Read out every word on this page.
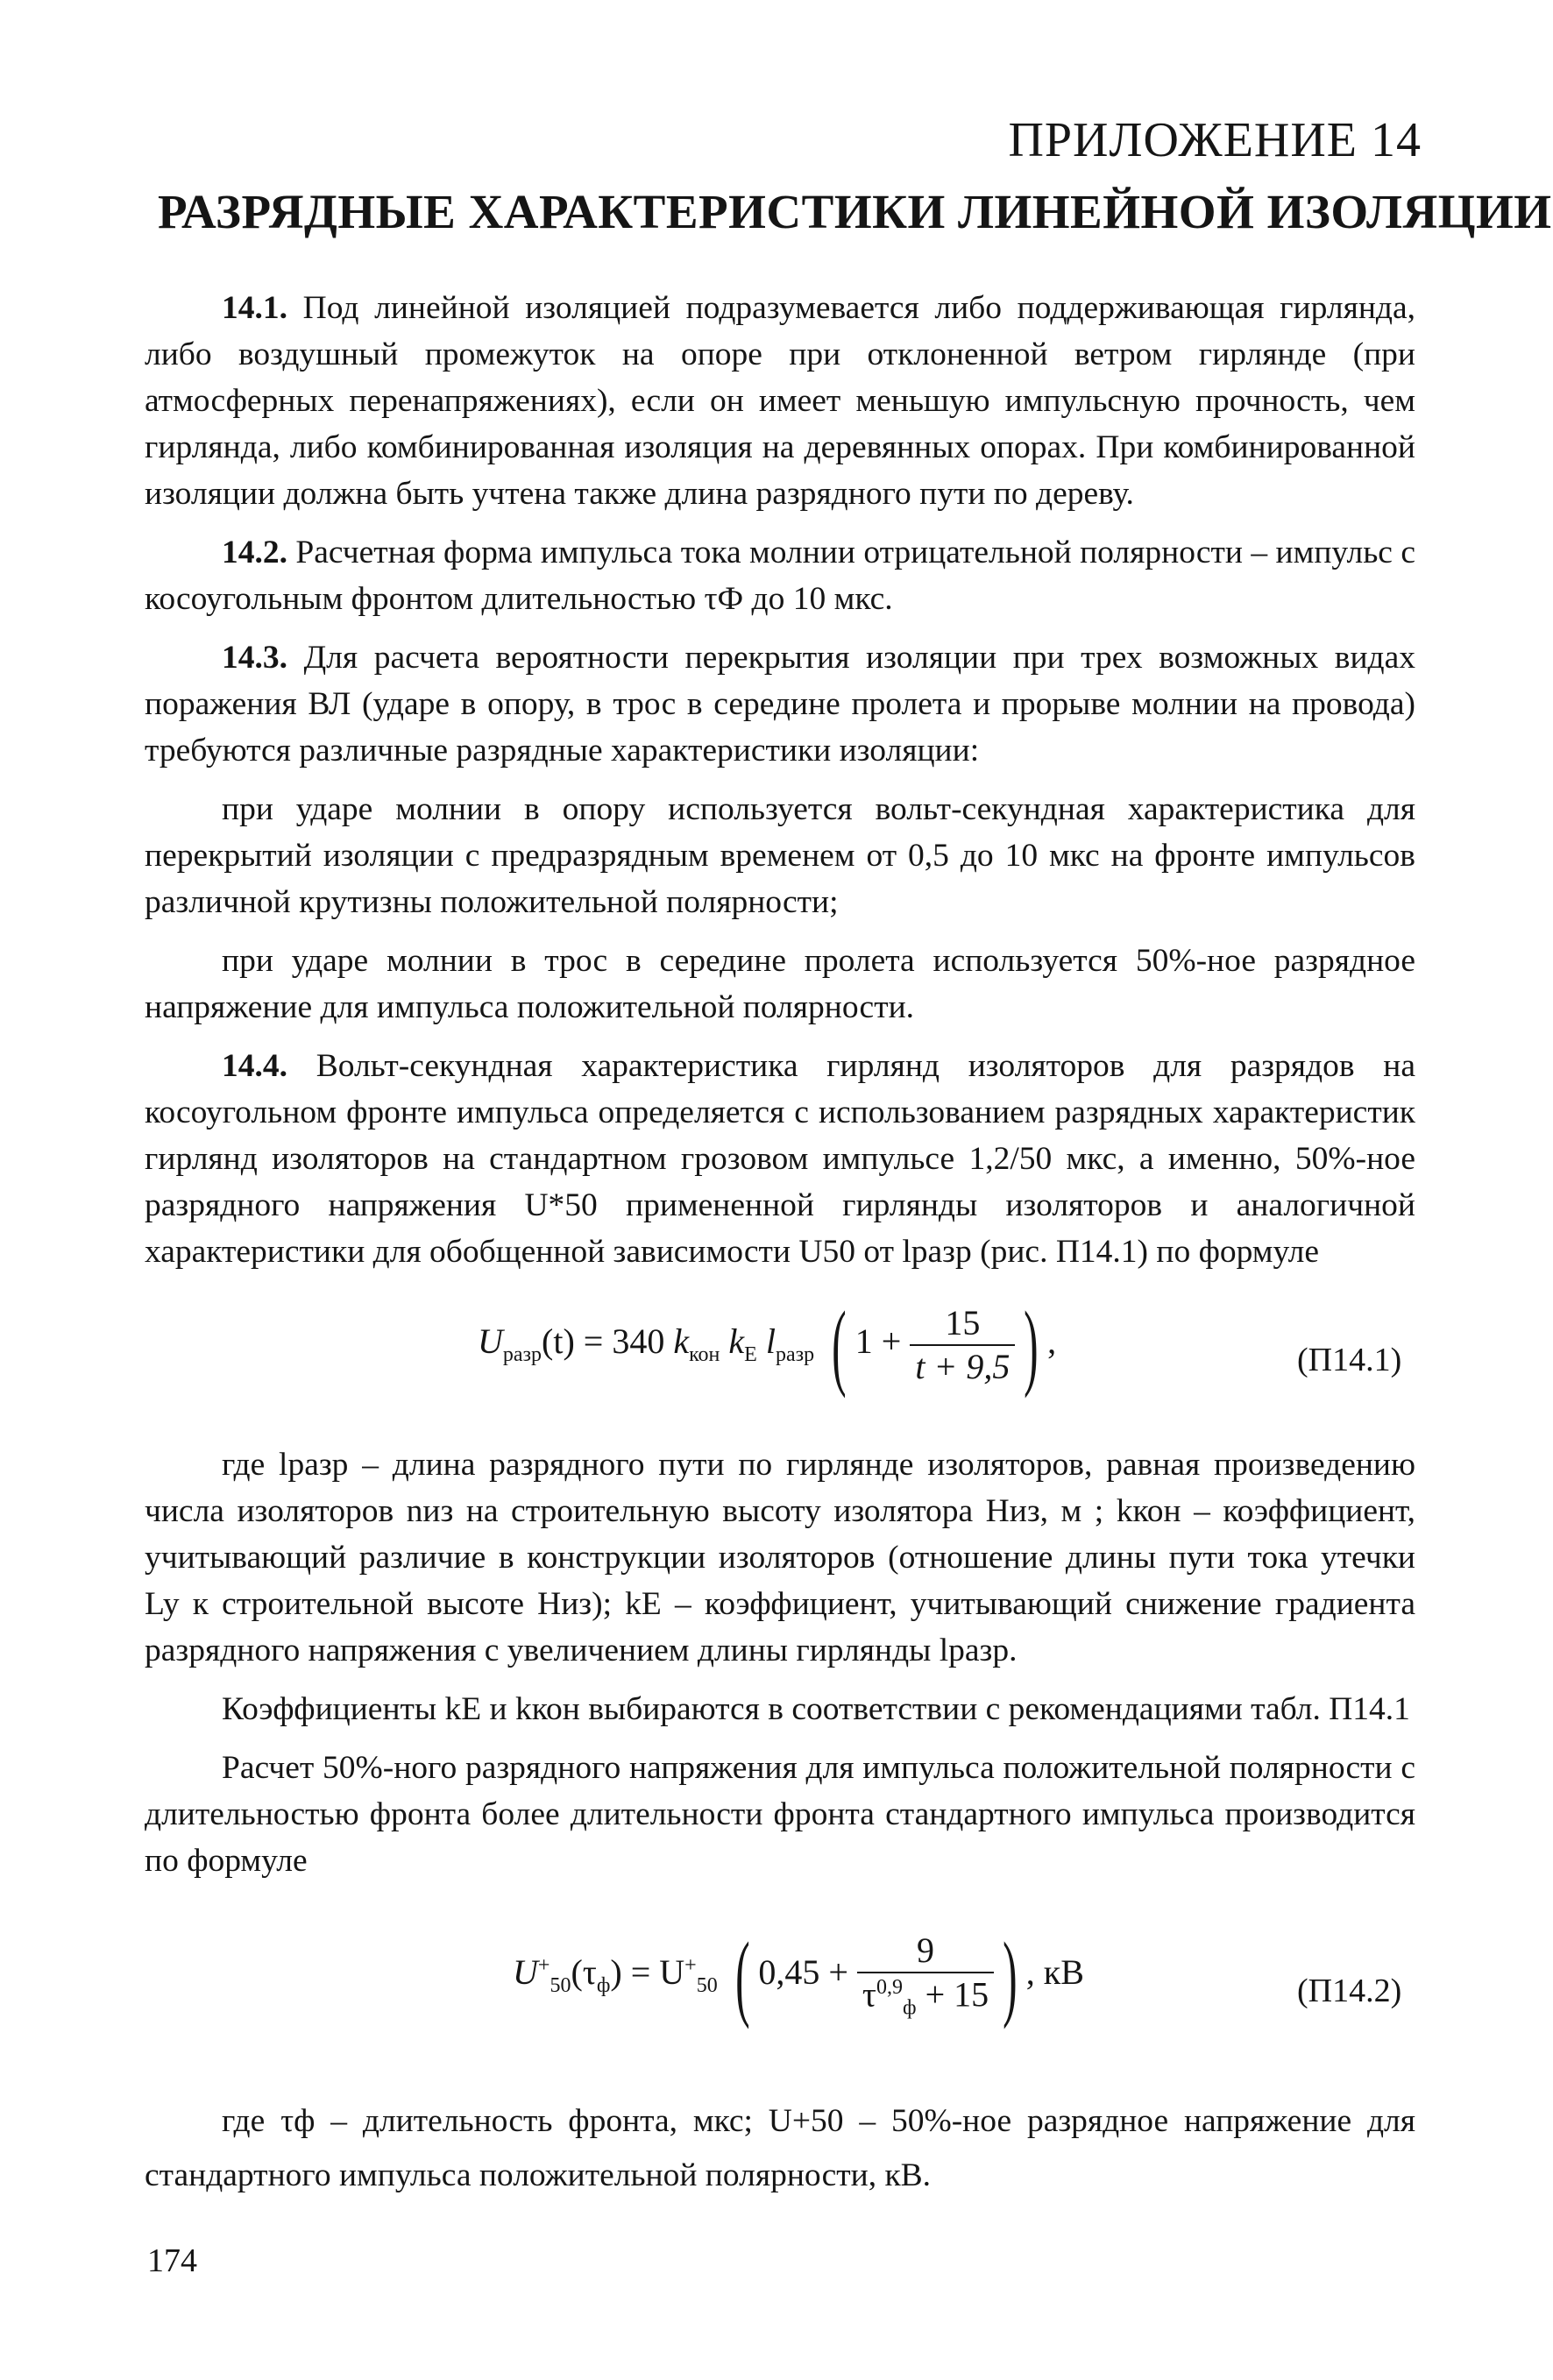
ПРИЛОЖЕНИЕ 14
РАЗРЯДНЫЕ ХАРАКТЕРИСТИКИ ЛИНЕЙНОЙ ИЗОЛЯЦИИ

14.1. Под линейной изоляцией подразумевается либо поддерживающая гирлянда, либо воздушный промежуток на опоре при отклоненной ветром гирлянде (при атмосферных перенапряжениях), если он имеет меньшую импульсную прочность, чем гирлянда, либо комбинированная изоляция на деревянных опорах. При комбинированной изоляции должна быть учтена также длина разрядного пути по дереву.

14.2. Расчетная форма импульса тока молнии отрицательной полярности – импульс с косоугольным фронтом длительностью τФ до 10 мкс.

14.3. Для расчета вероятности перекрытия изоляции при трех возможных видах поражения ВЛ (ударе в опору, в трос в середине пролета и прорыве молнии на провода) требуются различные разрядные характеристики изоляции:

при ударе молнии в опору используется вольт-секундная характеристика для перекрытий изоляции с предразрядным временем от 0,5 до 10 мкс на фронте импульсов различной крутизны положительной полярности;

при ударе молнии в трос в середине пролета используется 50%-ное разрядное напряжение для импульса положительной полярности.

14.4. Вольт-секундная характеристика гирлянд изоляторов для разрядов на косоугольном фронте импульса определяется с использованием разрядных характеристик гирлянд изоляторов на стандартном грозовом импульсе 1,2/50 мкс, а именно, 50%-ное разрядного напряжения U*50 примененной гирлянды изоляторов и аналогичной характеристики для обобщенной зависимости U50 от lразр (рис. П14.1) по формуле

$U_{разр}(t) = 340$ $k_{кон}$ $k_E$ $l_{разр}$ ( $1 + \frac{15}{t + 9,5}$ ) ,	(П14.1)

где lразр – длина разрядного пути по гирлянде изоляторов, равная произведению числа изоляторов nиз на строительную высоту изолятора Hиз, м ; kкон – коэффициент, учитывающий различие в конструкции изоляторов (отношение длины пути тока утечки Ly к строительной высоте Hиз); kE – коэффициент, учитывающий снижение градиента разрядного напряжения с увеличением длины гирлянды lразр.

Коэффициенты kE и kкон выбираются в соответствии с рекомендациями табл. П14.1

Расчет 50%-ного разрядного напряжения для импульса положительной полярности с длительностью фронта более длительности фронта стандартного импульса производится по формуле

$U^+_{50}(\tau_ф) = U^+_{50}$ ( $0,45 + \frac{9}{\tau^{0,9}_ф + 15}$ ) , кВ	(П14.2)

где τф – длительность фронта, мкс; U+50 – 50%-ное разрядное напряжение для стандартного импульса положительной полярности, кВ.

174
